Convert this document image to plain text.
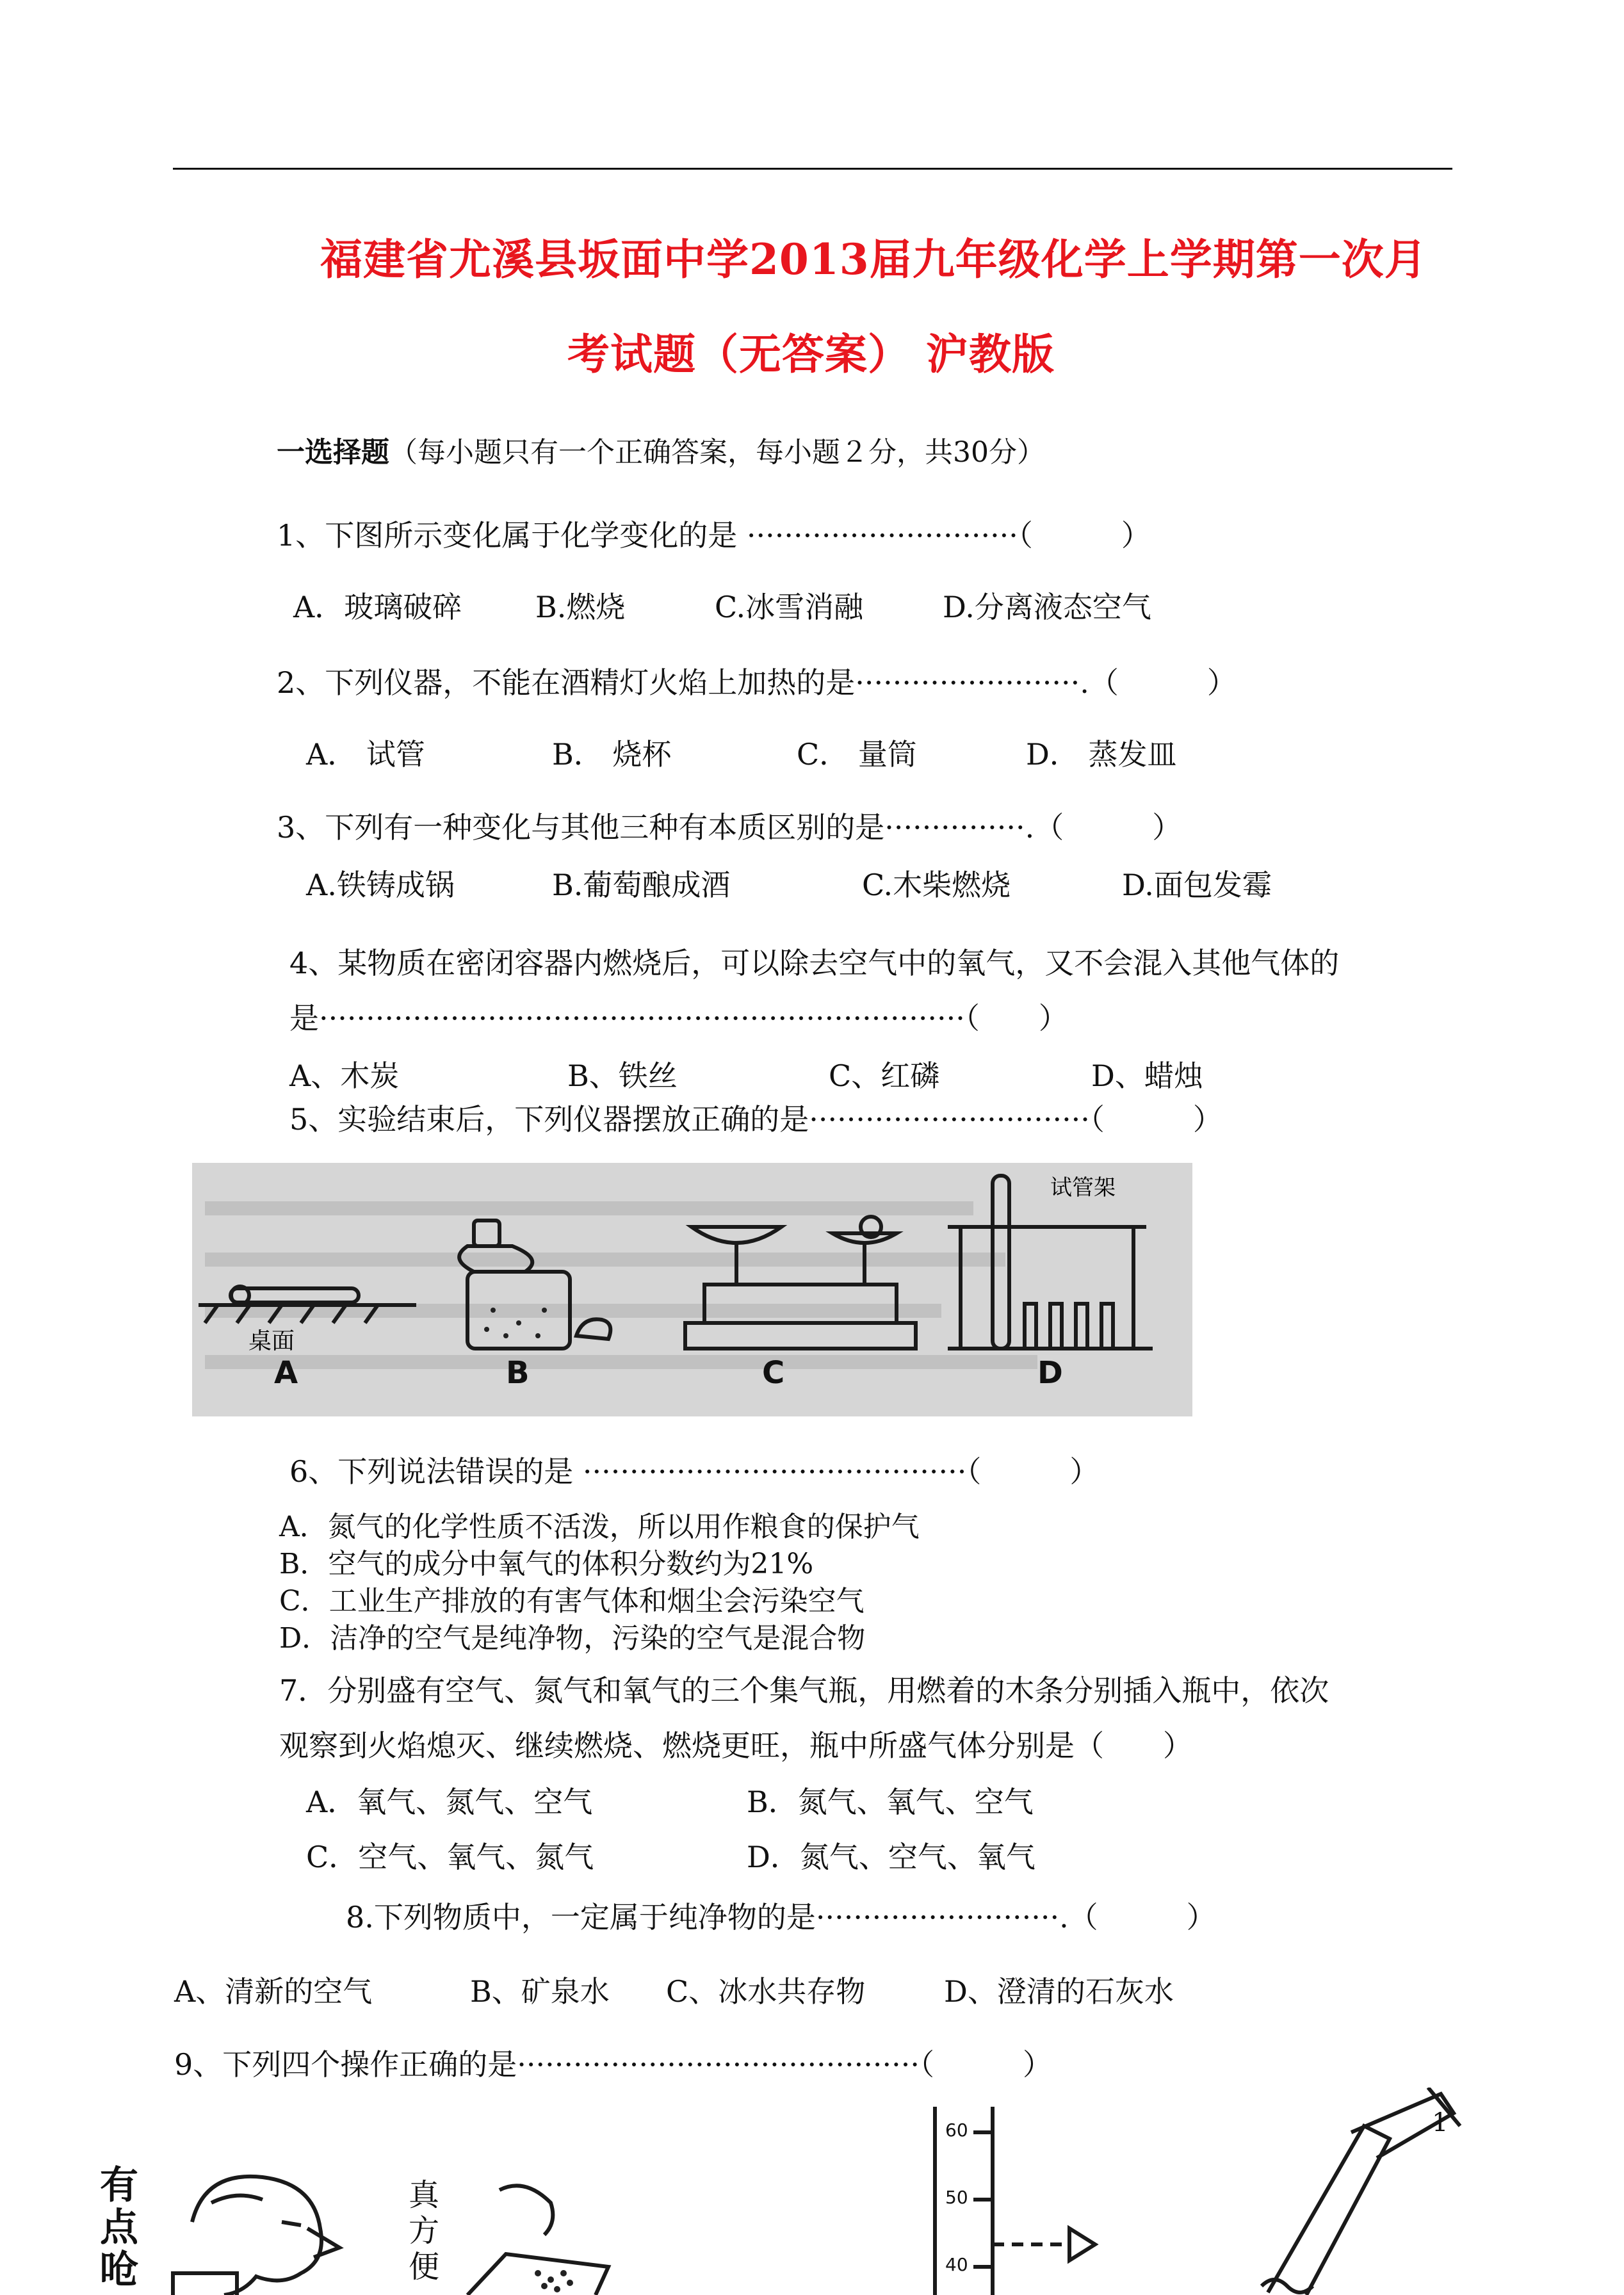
福建省尤溪县坂面中学2013届九年级化学上学期第一次月
考试题（无答案） 沪教版
一选择题（每小题只有一个正确答案，每小题２分，共30分）
1、下图所示变化属于化学变化的是 ·····························（　　　）
A．玻璃破碎 B.燃烧	C.冰雪消融	D.分离液态空气
2、下列仪器，不能在酒精灯火焰上加热的是························.（　　　）
A． 试管	B． 烧杯	C． 量筒	D． 蒸发皿
3、下列有一种变化与其他三种有本质区别的是···············.（　　　）
A.铁铸成锅	B.葡萄酿成酒	C.木柴燃烧	D.面包发霉
4、某物质在密闭容器内燃烧后，可以除去空气中的氧气，又不会混入其他气体的
是·····································································（　　）
A、木炭	B、铁丝	C、红磷	D、蜡烛
5、实验结束后，下列仪器摆放正确的是······························（　　　）
桌面
试管架
A	B	C	D
6、下列说法错误的是 ·········································（　　　）
A．氮气的化学性质不活泼，所以用作粮食的保护气
B．空气的成分中氧气的体积分数约为21%
C．工业生产排放的有害气体和烟尘会污染空气
D．洁净的空气是纯净物，污染的空气是混合物
7．分别盛有空气、氮气和氧气的三个集气瓶，用燃着的木条分别插入瓶中，依次
观察到火焰熄灭、继续燃烧、燃烧更旺，瓶中所盛气体分别是（　　）
A．氧气、氮气、空气	B．氮气、氧气、空气
C．空气、氧气、氮气	D．氮气、空气、氧气
8.下列物质中，一定属于纯净物的是··························.（　　　）
A、清新的空气	B、矿泉水 C、冰水共存物	D、澄清的石灰水
9、下列四个操作正确的是···········································（　　　）
有
点
呛
真
方
便
60
50
40
1
